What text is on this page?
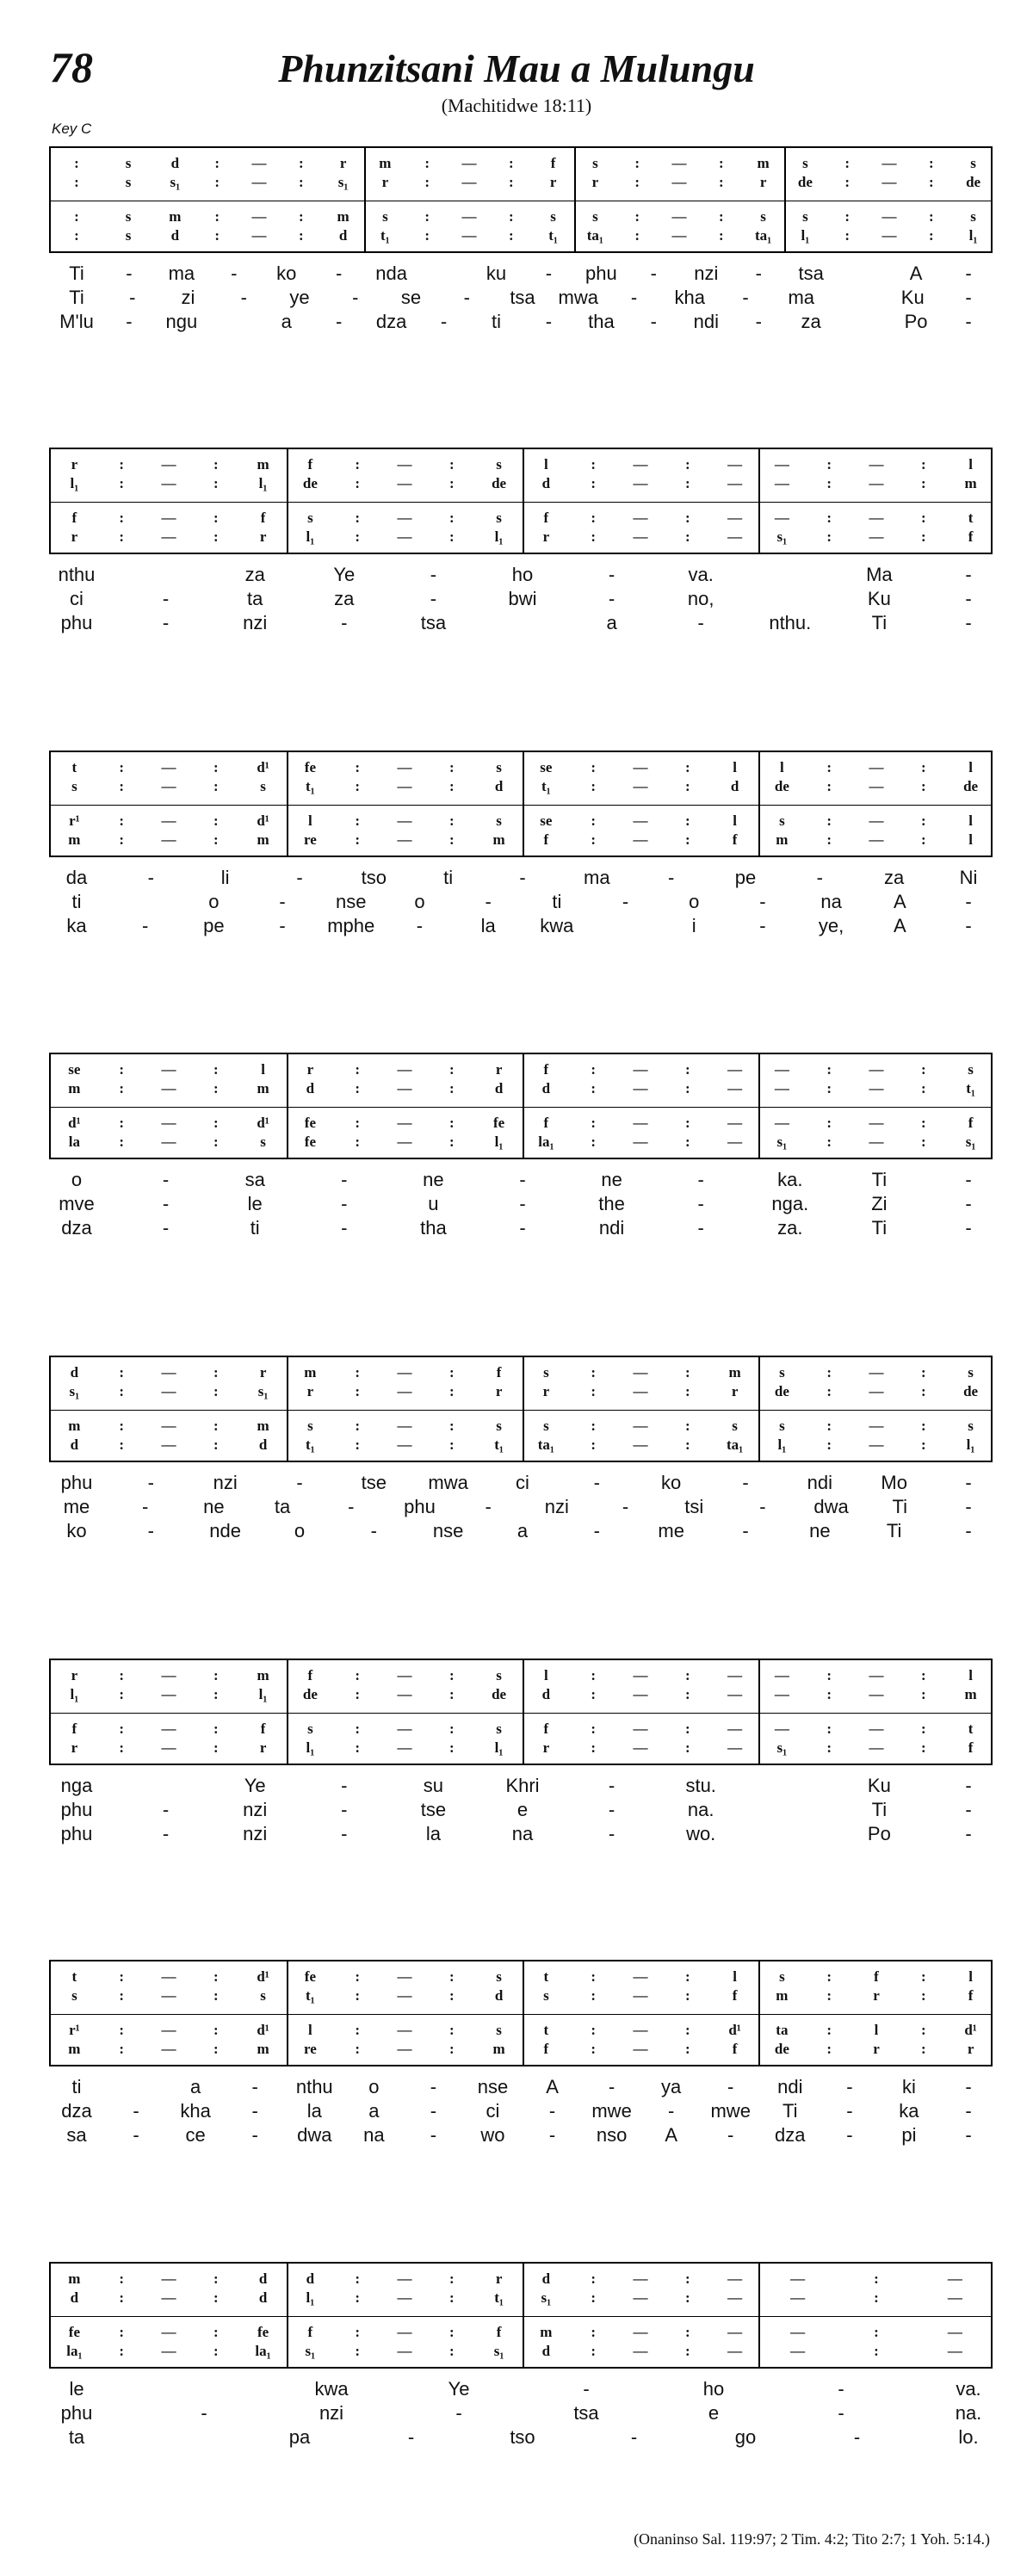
78	Phunzitsani Mau a Mulungu
(Machitidwe 18:11)
Key C
:	s	d	:	—	:	r	m	:	—	:	f	s	:	—	:	m	s	:	—	:	s
:	s	s₁	:	—	:	s₁	r	:	—	:	r	r	:	—	:	r	de	:	—	:	de
:	s	m	:	—	:	m	s	:	—	:	s	s	:	—	:	s	s	:	—	:	s
:	s	d	:	—	:	d	t₁	:	—	:	t₁	ta₁	:	—	:	ta₁	l₁	:	—	:	l₁
Ti	-	ma	-	ko	-	nda	ku	-	phu	-	nzi	-	tsa	A	-
Ti	-	zi	-	ye	-	se	-	tsa	mwa	-	kha	-	ma	Ku	-
M'lu	-	ngu	a	-	dza	-	ti	-	tha	-	ndi	-	za	Po	-
r	:	—	:	m	f	:	—	:	s	l	:	—	:	—	—	:	—	:	l
l₁	:	—	:	l₁	de	:	—	:	de	d	:	—	:	—	—	:	—	:	m
f	:	—	:	f	s	:	—	:	s	f	:	—	:	—	—	:	—	:	t
r	:	—	:	r	l₁	:	—	:	l₁	r	:	—	:	—	s₁	:	—	:	f
nthu	za	Ye	-	ho	-	va.	Ma	-
ci	-	ta	za	-	bwi	-	no,	Ku	-
phu	-	nzi	-	tsa	a	-	nthu.	Ti	-
t	:	—	:	d¹	fe	:	—	:	s	se	:	—	:	l	l	:	—	:	l
s	:	—	:	s	t₁	:	—	:	d	t₁	:	—	:	d	de	:	—	:	de
r¹	:	—	:	d¹	l	:	—	:	s	se	:	—	:	l	s	:	—	:	l
m	:	—	:	m	re	:	—	:	m	f	:	—	:	f	m	:	—	:	l
da	-	li	-	tso	ti	-	ma	-	pe	-	za	Ni
ti	o	-	nse	o	-	ti	-	o	-	na	A	-
ka	-	pe	-	mphe	-	la	kwa	i	-	ye,	A	-
se	:	—	:	l	r	:	—	:	r	f	:	—	:	—	—	:	—	:	s
m	:	—	:	m	d	:	—	:	d	d	:	—	:	—	—	:	—	:	t₁
d¹	:	—	:	d¹	fe	:	—	:	fe	f	:	—	:	—	—	:	—	:	f
la	:	—	:	s	fe	:	—	:	l₁	la₁	:	—	:	—	s₁	:	—	:	s₁
o	-	sa	-	ne	-	ne	-	ka.	Ti	-
mve	-	le	-	u	-	the	-	nga.	Zi	-
dza	-	ti	-	tha	-	ndi	-	za.	Ti	-
d	:	—	:	r	m	:	—	:	f	s	:	—	:	m	s	:	—	:	s
s₁	:	—	:	s₁	r	:	—	:	r	r	:	—	:	r	de	:	—	:	de
m	:	—	:	m	s	:	—	:	s	s	:	—	:	s	s	:	—	:	s
d	:	—	:	d	t₁	:	—	:	t₁	ta₁	:	—	:	ta₁	l₁	:	—	:	l₁
phu	-	nzi	-	tse	mwa	ci	-	ko	-	ndi	Mo	-
me	-	ne	ta	-	phu	-	nzi	-	tsi	-	dwa	Ti	-
ko	-	nde	o	-	nse	a	-	me	-	ne	Ti	-
r	:	—	:	m	f	:	—	:	s	l	:	—	:	—	—	:	—	:	l
l₁	:	—	:	l₁	de	:	—	:	de	d	:	—	:	—	—	:	—	:	m
f	:	—	:	f	s	:	—	:	s	f	:	—	:	—	—	:	—	:	t
r	:	—	:	r	l₁	:	—	:	l₁	r	:	—	:	—	s₁	:	—	:	f
nga	Ye	-	su	Khri	-	stu.	Ku	-
phu	-	nzi	-	tse	e	-	na.	Ti	-
phu	-	nzi	-	la	na	-	wo.	Po	-
t	:	—	:	d¹	fe	:	—	:	s	t	:	—	:	l	s	:	f	:	l
s	:	—	:	s	t₁	:	—	:	d	s	:	—	:	f	m	:	r	:	f
r¹	:	—	:	d¹	l	:	—	:	s	t	:	—	:	d¹	ta	:	l	:	d¹
m	:	—	:	m	re	:	—	:	m	f	:	—	:	f	de	:	r	:	r
ti	a	-	nthu	o	-	nse	A	-	ya	-	ndi	-	ki	-
dza	-	kha	-	la	a	-	ci	-	mwe	-	mwe	Ti	-	ka	-
sa	-	ce	-	dwa	na	-	wo	-	nso	A	-	dza	-	pi	-
m	:	—	:	d	d	:	—	:	r	d	:	—	:	—	—	:	—
d	:	—	:	d	l₁	:	—	:	t₁	s₁	:	—	:	—	—	:	—
fe	:	—	:	fe	f	:	—	:	f	m	:	—	:	—	—	:	—
la₁	:	—	:	la₁	s₁	:	—	:	s₁	d	:	—	:	—	—	:	—
le	kwa	Ye	-	ho	-	va.
phu	-	nzi	-	tsa	e	-	na.
ta	pa	-	tso	-	go	-	lo.
(Onaninso Sal. 119:97; 2 Tim. 4:2; Tito 2:7; 1 Yoh. 5:14.)
